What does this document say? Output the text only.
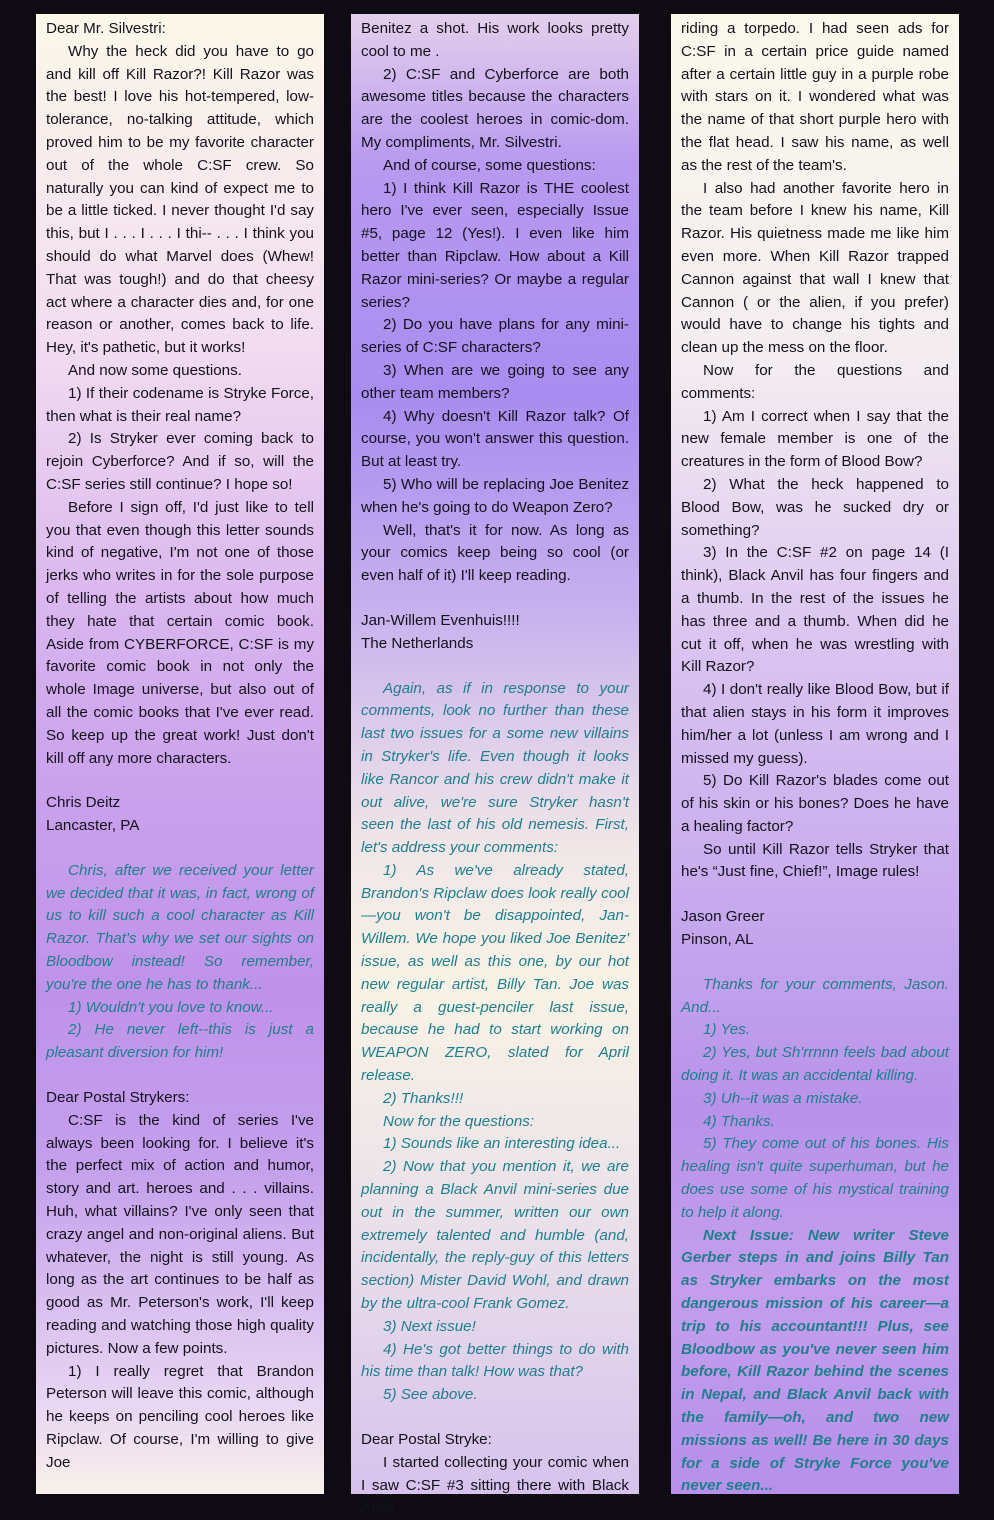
Dear Mr. Silvestri:

Why the heck did you have to go and kill off Kill Razor?! Kill Razor was the best! I love his hot-tempered, low-tolerance, no-talking attitude, which proved him to be my favorite character out of the whole C:SF crew. So naturally you can kind of expect me to be a little ticked. I never thought I'd say this, but I . . . I . . . I thi-- . . . I think you should do what Marvel does (Whew! That was tough!) and do that cheesy act where a character dies and, for one reason or another, comes back to life. Hey, it's pathetic, but it works!

And now some questions.

1) If their codename is Stryke Force, then what is their real name?

2) Is Stryker ever coming back to rejoin Cyberforce? And if so, will the C:SF series still continue? I hope so!

Before I sign off, I'd just like to tell you that even though this letter sounds kind of negative, I'm not one of those jerks who writes in for the sole purpose of telling the artists about how much they hate that certain comic book. Aside from CYBERFORCE, C:SF is my favorite comic book in not only the whole Image universe, but also out of all the comic books that I've ever read. So keep up the great work! Just don't kill off any more characters.

Chris Deitz

Lancaster, PA

Chris, after we received your letter we decided that it was, in fact, wrong of us to kill such a cool character as Kill Razor. That's why we set our sights on Bloodbow instead! So remember, you're the one he has to thank...

1) Wouldn't you love to know...

2) He never left--this is just a pleasant diversion for him!

Dear Postal Strykers:

C:SF is the kind of series I've always been looking for. I believe it's the perfect mix of action and humor, story and art. heroes and . . . villains. Huh, what villains? I've only seen that crazy angel and non-original aliens. But whatever, the night is still young. As long as the art continues to be half as good as Mr. Peterson's work, I'll keep reading and watching those high quality pictures. Now a few points.

1) I really regret that Brandon Peterson will leave this comic, although he keeps on penciling cool heroes like Ripclaw. Of course, I'm willing to give Joe

Benitez a shot. His work looks pretty cool to me .

2) C:SF and Cyberforce are both awesome titles because the characters are the coolest heroes in comic-dom. My compliments, Mr. Silvestri.

And of course, some questions:

1) I think Kill Razor is THE coolest hero I've ever seen, especially Issue #5, page 12 (Yes!). I even like him better than Ripclaw. How about a Kill Razor mini-series? Or maybe a regular series?

2) Do you have plans for any mini-series of C:SF characters?

3) When are we going to see any other team members?

4) Why doesn't Kill Razor talk? Of course, you won't answer this question. But at least try.

5) Who will be replacing Joe Benitez when he's going to do Weapon Zero?

Well, that's it for now. As long as your comics keep being so cool (or even half of it) I'll keep reading.

Jan-Willem Evenhuis!!!!

The Netherlands

Again, as if in response to your comments, look no further than these last two issues for a some new villains in Stryker's life. Even though it looks like Rancor and his crew didn't make it out alive, we're sure Stryker hasn't seen the last of his old nemesis. First, let's address your comments:

1) As we've already stated, Brandon's Ripclaw does look really cool—you won't be disappointed, Jan-Willem. We hope you liked Joe Benitez' issue, as well as this one, by our hot new regular artist, Billy Tan. Joe was really a guest-penciler last issue, because he had to start working on WEAPON ZERO, slated for April release.

2) Thanks!!!

Now for the questions:

1) Sounds like an interesting idea...

2) Now that you mention it, we are planning a Black Anvil mini-series due out in the summer, written our own extremely talented and humble (and, incidentally, the reply-guy of this letters section) Mister David Wohl, and drawn by the ultra-cool Frank Gomez.

3) Next issue!

4) He's got better things to do with his time than talk! How was that?

5) See above.

Dear Postal Stryke:

I started collecting your comic when I saw C:SF #3 sitting there with Black Anvil

riding a torpedo. I had seen ads for C:SF in a certain price guide named after a certain little guy in a purple robe with stars on it. I wondered what was the name of that short purple hero with the flat head. I saw his name, as well as the rest of the team's.

I also had another favorite hero in the team before I knew his name, Kill Razor. His quietness made me like him even more. When Kill Razor trapped Cannon against that wall I knew that Cannon ( or the alien, if you prefer) would have to change his tights and clean up the mess on the floor.

Now for the questions and comments:

1) Am I correct when I say that the new female member is one of the creatures in the form of Blood Bow?

2) What the heck happened to Blood Bow, was he sucked dry or something?

3) In the C:SF #2 on page 14 (I think), Black Anvil has four fingers and a thumb. In the rest of the issues he has three and a thumb. When did he cut it off, when he was wrestling with Kill Razor?

4) I don't really like Blood Bow, but if that alien stays in his form it improves him/her a lot (unless I am wrong and I missed my guess).

5) Do Kill Razor's blades come out of his skin or his bones? Does he have a healing factor?

So until Kill Razor tells Stryker that he's “Just fine, Chief!”, Image rules!

Jason Greer

Pinson, AL

Thanks for your comments, Jason. And...

1) Yes.

2) Yes, but Sh'rrnnn feels bad about doing it. It was an accidental killing.

3) Uh--it was a mistake.

4) Thanks.

5) They come out of his bones. His healing isn't quite superhuman, but he does use some of his mystical training to help it along.

Next Issue: New writer Steve Gerber steps in and joins Billy Tan as Stryker embarks on the most dangerous mission of his career—a trip to his accountant!!! Plus, see Bloodbow as you've never seen him before, Kill Razor behind the scenes in Nepal, and Black Anvil back with the family—oh, and two new missions as well! Be here in 30 days for a side of Stryke Force you've never seen...
